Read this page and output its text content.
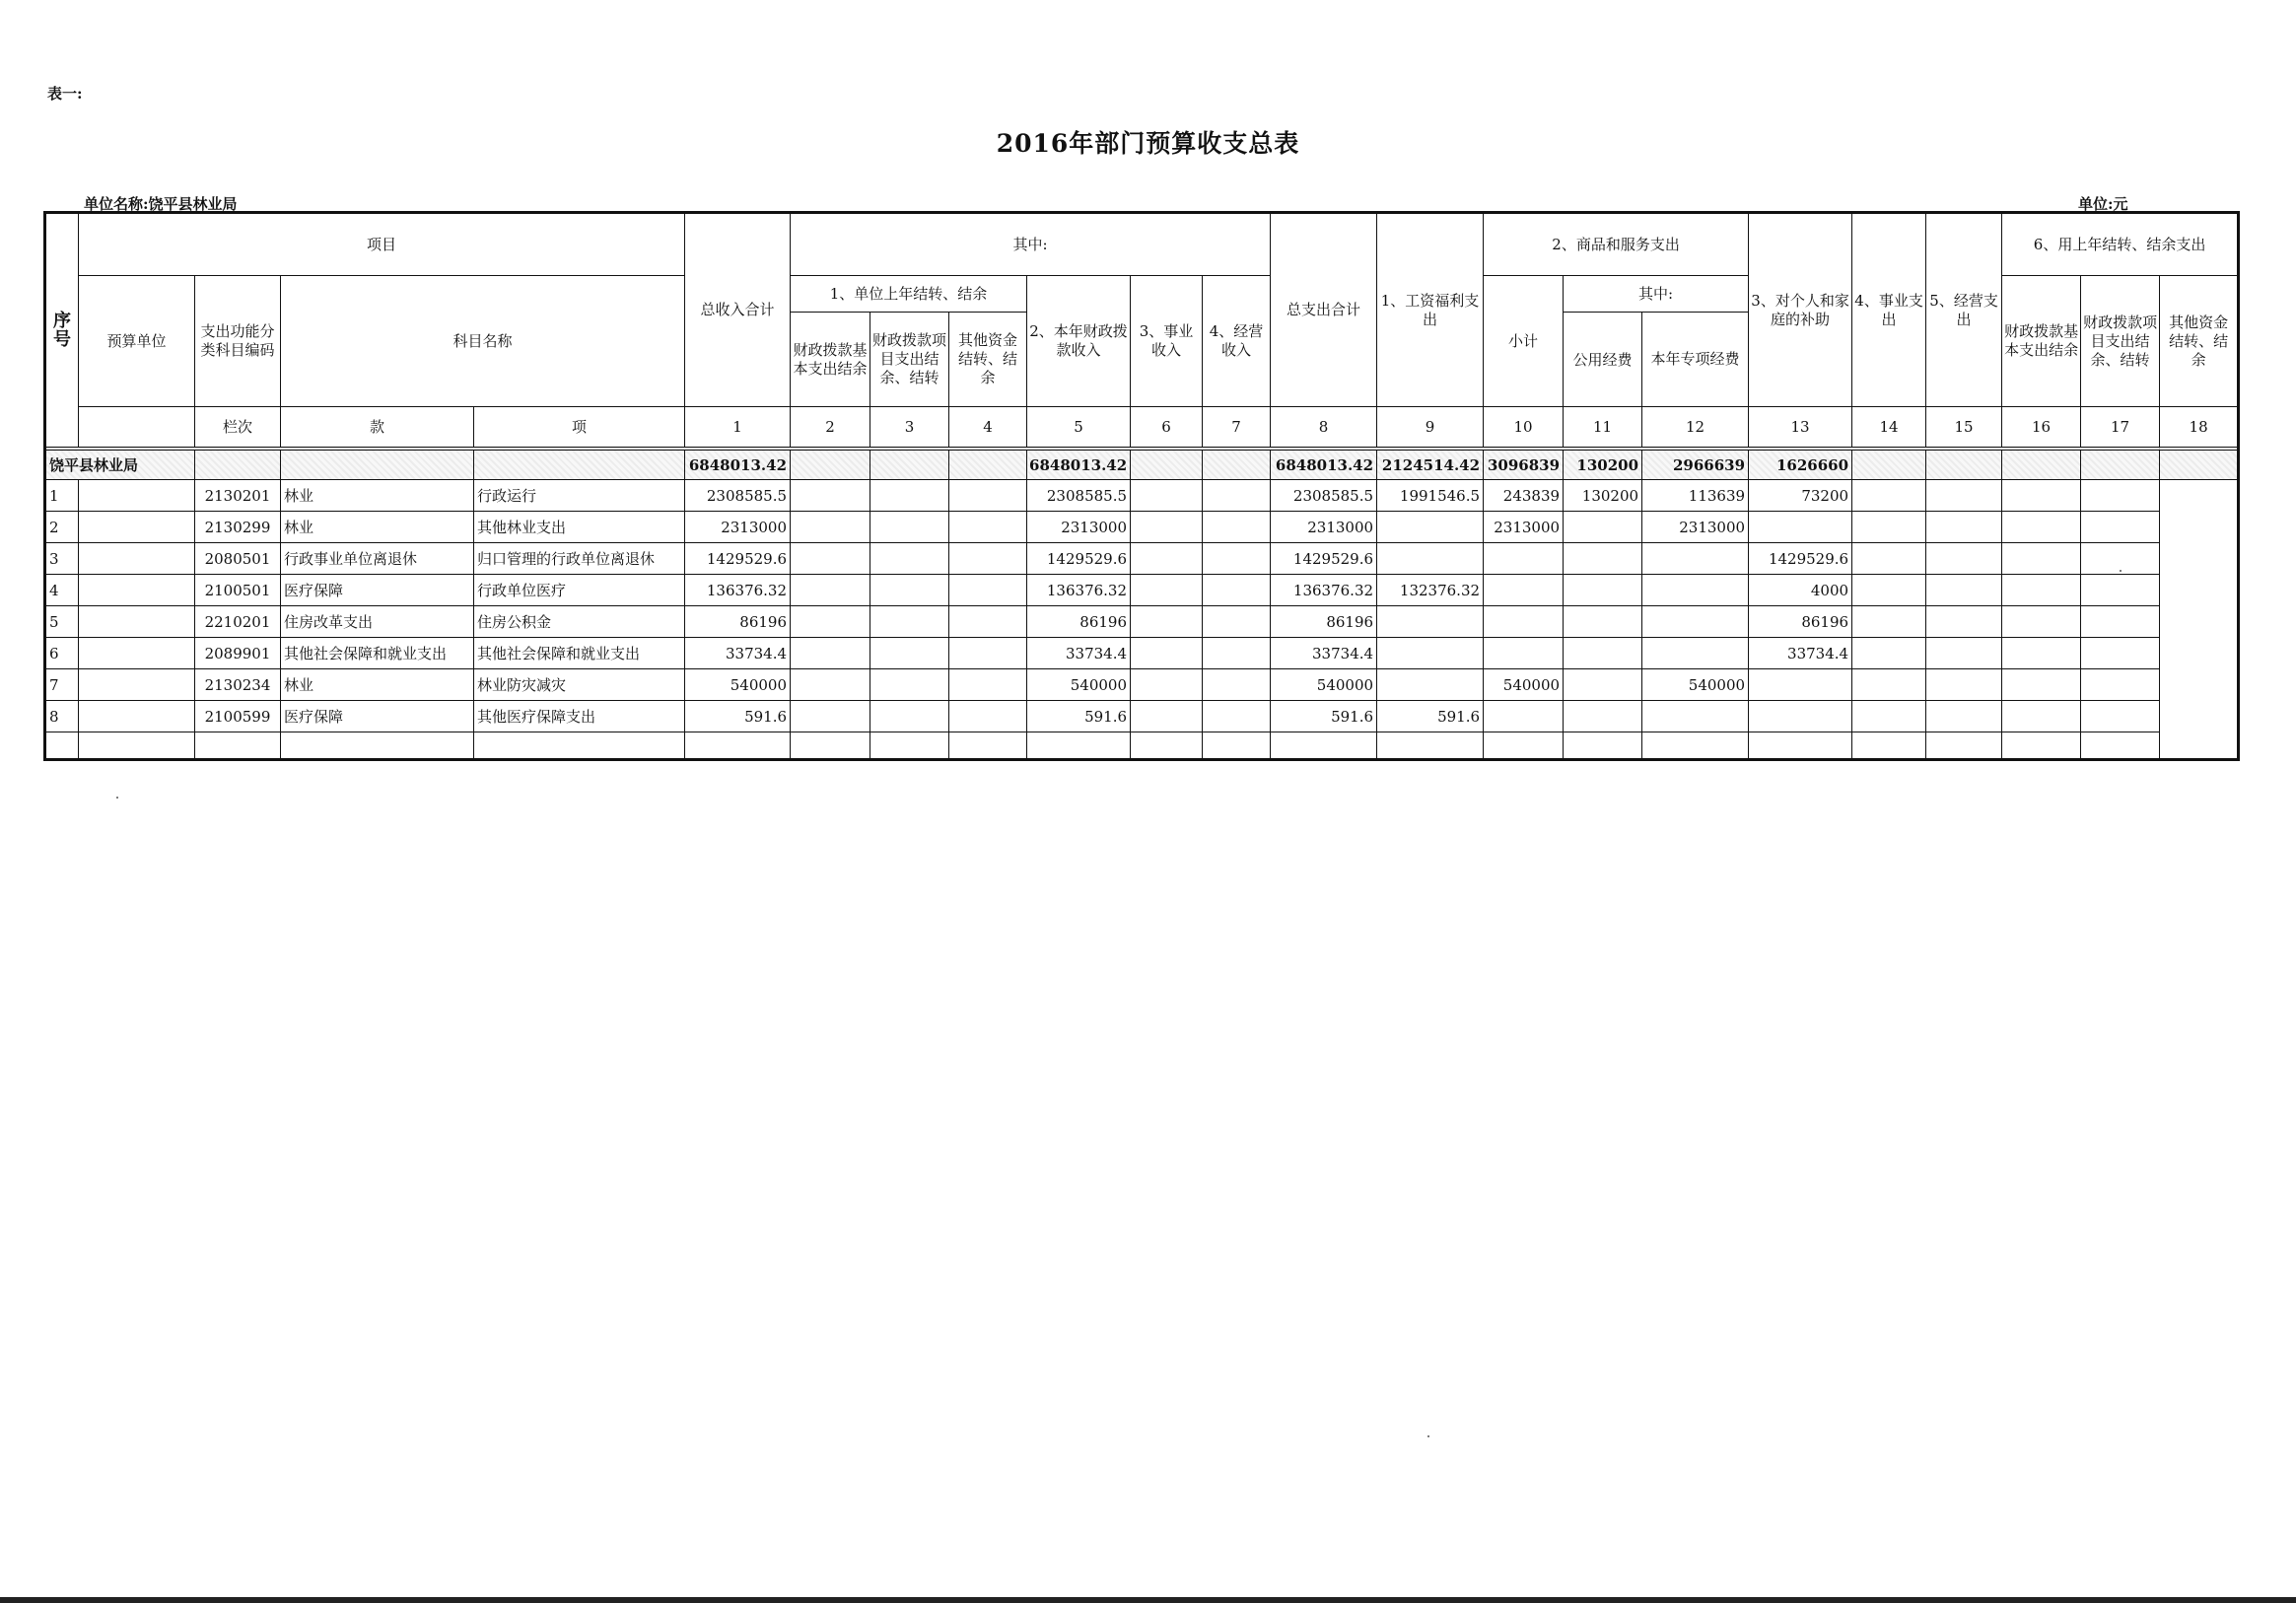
表一:
2016年部门预算收支总表
单位名称:饶平县林业局	单位:元
序号	项目				总收入合计	其中:						总支出合计	1、工资福利支出	2、商品和服务支出			3、对个人和家庭的补助	4、事业支出	5、经营支出	6、用上年结转、结余支出		
	预算单位	支出功能分类科目编码	科目名称			1、单位上年结转、结余			2、本年财政拨款收入	3、事业收入	4、经营收入			小计	其中:					财政拨款基本支出结余	财政拨款项目支出结余、结转	其他资金结转、结余
						财政拨款基本支出结余	财政拨款项目支出结余、结转	其他资金结转、结余							公用经费	本年专项经费						
		栏次	款	项	1	2	3	4	5	6	7	8	9	10	11	12	13	14	15	16	17	18

饶平县林业局					6848013.42				6848013.42			6848013.42	2124514.42	3096839	130200	2966639	1626660					
1		2130201	林业	行政运行	2308585.5				2308585.5			2308585.5	1991546.5	243839	130200	113639	73200					
2		2130299	林业	其他林业支出	2313000				2313000			2313000		2313000		2313000						
3		2080501	行政事业单位离退休	归口管理的行政单位离退休	1429529.6				1429529.6			1429529.6					1429529.6					
4		2100501	医疗保障	行政单位医疗	136376.32				136376.32			136376.32	132376.32				4000					
5		2210201	住房改革支出	住房公积金	86196				86196			86196					86196					
6		2089901	其他社会保障和就业支出	其他社会保障和就业支出	33734.4				33734.4			33734.4					33734.4					
7		2130234	林业	林业防灾减灾	540000				540000			540000		540000		540000						
8		2100599	医疗保障	其他医疗保障支出	591.6				591.6			591.6	591.6									
